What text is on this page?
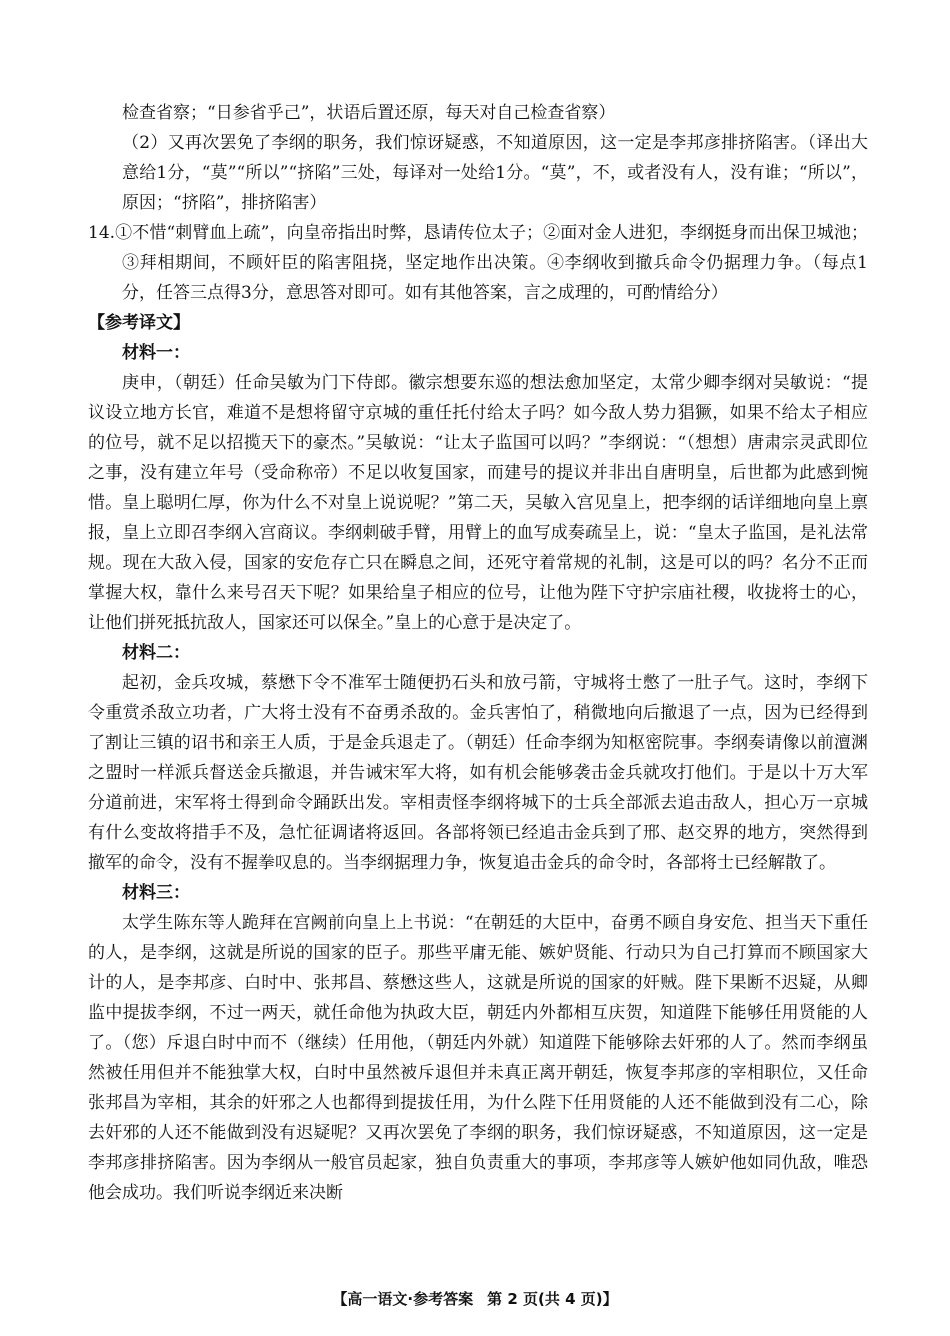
检查省察；“日参省乎己”，状语后置还原，每天对自己检查省察）

（2）又再次罢免了李纲的职务，我们惊讶疑惑，不知道原因，这一定是李邦彦排挤陷害。（译出大意给1分，“莫”“所以”“挤陷”三处，每译对一处给1分。“莫”，不，或者没有人，没有谁；“所以”，原因；“挤陷”，排挤陷害）

14.①不惜“刺臂血上疏”，向皇帝指出时弊，恳请传位太子；②面对金人进犯，李纲挺身而出保卫城池；③拜相期间，不顾奸臣的陷害阻挠，坚定地作出决策。④李纲收到撤兵命令仍据理力争。（每点1分，任答三点得3分，意思答对即可。如有其他答案，言之成理的，可酌情给分）

【参考译文】

材料一：

庚申，（朝廷）任命吴敏为门下侍郎。徽宗想要东巡的想法愈加坚定，太常少卿李纲对吴敏说：“提议设立地方长官，难道不是想将留守京城的重任托付给太子吗？如今敌人势力猖獗，如果不给太子相应的位号，就不足以招揽天下的豪杰。”吴敏说：“让太子监国可以吗？”李纲说：“（想想）唐肃宗灵武即位之事，没有建立年号（受命称帝）不足以收复国家，而建号的提议并非出自唐明皇，后世都为此感到惋惜。皇上聪明仁厚，你为什么不对皇上说说呢？”第二天，吴敏入宫见皇上，把李纲的话详细地向皇上禀报，皇上立即召李纲入宫商议。李纲刺破手臂，用臂上的血写成奏疏呈上，说：“皇太子监国，是礼法常规。现在大敌入侵，国家的安危存亡只在瞬息之间，还死守着常规的礼制，这是可以的吗？名分不正而掌握大权，靠什么来号召天下呢？如果给皇子相应的位号，让他为陛下守护宗庙社稷，收拢将士的心，让他们拼死抵抗敌人，国家还可以保全。”皇上的心意于是决定了。

材料二：

起初，金兵攻城，蔡懋下令不准军士随便扔石头和放弓箭，守城将士憋了一肚子气。这时，李纲下令重赏杀敌立功者，广大将士没有不奋勇杀敌的。金兵害怕了，稍微地向后撤退了一点，因为已经得到了割让三镇的诏书和亲王人质，于是金兵退走了。（朝廷）任命李纲为知枢密院事。李纲奏请像以前澶渊之盟时一样派兵督送金兵撤退，并告诫宋军大将，如有机会能够袭击金兵就攻打他们。于是以十万大军分道前进，宋军将士得到命令踊跃出发。宰相责怪李纲将城下的士兵全部派去追击敌人，担心万一京城有什么变故将措手不及，急忙征调诸将返回。各部将领已经追击金兵到了邢、赵交界的地方，突然得到撤军的命令，没有不握拳叹息的。当李纲据理力争，恢复追击金兵的命令时，各部将士已经解散了。

材料三：

太学生陈东等人跪拜在宫阙前向皇上上书说：“在朝廷的大臣中，奋勇不顾自身安危、担当天下重任的人，是李纲，这就是所说的国家的臣子。那些平庸无能、嫉妒贤能、行动只为自己打算而不顾国家大计的人，是李邦彦、白时中、张邦昌、蔡懋这些人，这就是所说的国家的奸贼。陛下果断不迟疑，从卿监中提拔李纲，不过一两天，就任命他为执政大臣，朝廷内外都相互庆贺，知道陛下能够任用贤能的人了。（您）斥退白时中而不（继续）任用他，（朝廷内外就）知道陛下能够除去奸邪的人了。然而李纲虽然被任用但并不能独掌大权，白时中虽然被斥退但并未真正离开朝廷，恢复李邦彦的宰相职位，又任命张邦昌为宰相，其余的奸邪之人也都得到提拔任用，为什么陛下任用贤能的人还不能做到没有二心，除去奸邪的人还不能做到没有迟疑呢？又再次罢免了李纲的职务，我们惊讶疑惑，不知道原因，这一定是李邦彦排挤陷害。因为李纲从一般官员起家，独自负责重大的事项，李邦彦等人嫉妒他如同仇敌，唯恐他会成功。我们听说李纲近来决断

【高一语文·参考答案 第 2 页(共 4 页)】
